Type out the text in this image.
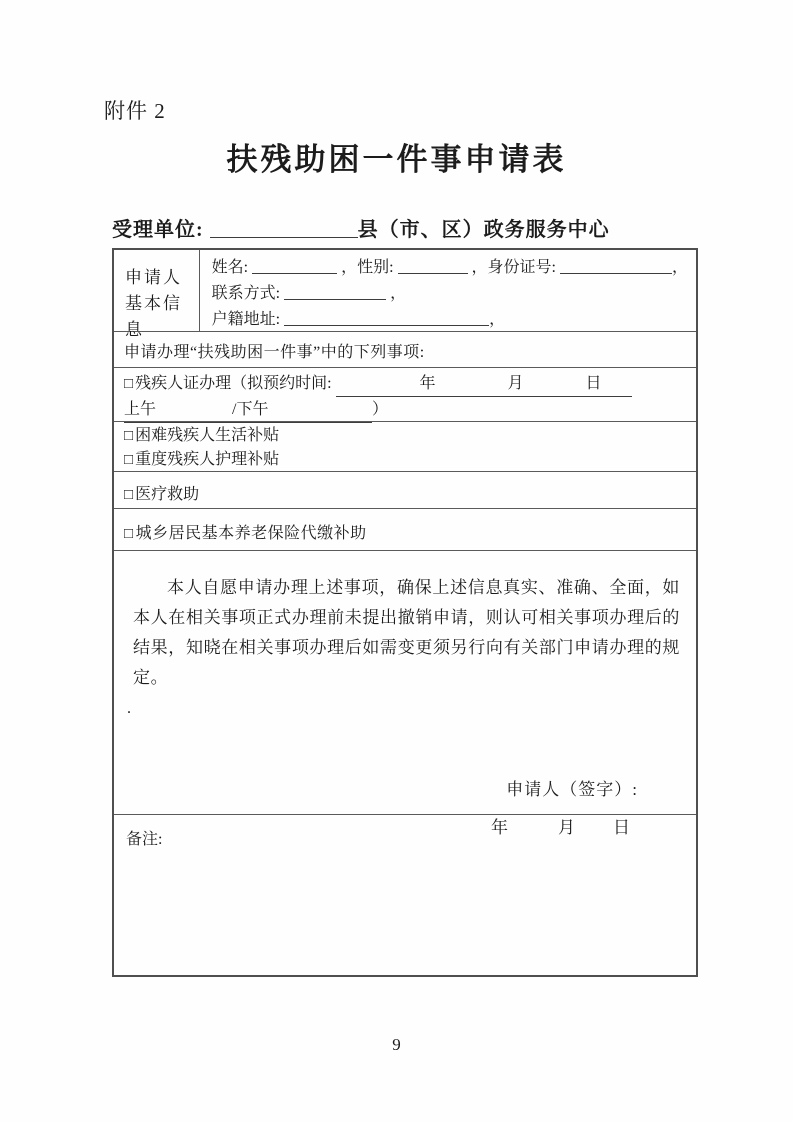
附件 2
扶残助困一件事申请表
受理单位:	县（市、区）政务服务中心
申请人基本信息
姓名:	，性别:	，身份证号:	，
联系方式:	，
户籍地址:	，
申请办理“扶残助困一件事”中的下列事项:
□ 残疾人证办理（拟预约时间:	年	月	日
上午	/下午	）
□ 困难残疾人生活补贴
□ 重度残疾人护理补贴
□ 医疗救助
□ 城乡居民基本养老保险代缴补助

本人自愿申请办理上述事项，确保上述信息真实、准确、全面，如本人在相关事项正式办理前未提出撤销申请，则认可相关事项办理后的结果，知晓在相关事项办理后如需变更须另行向有关部门申请办理的规定。

.
申请人（签字）:
年	月 日
备注:
9
